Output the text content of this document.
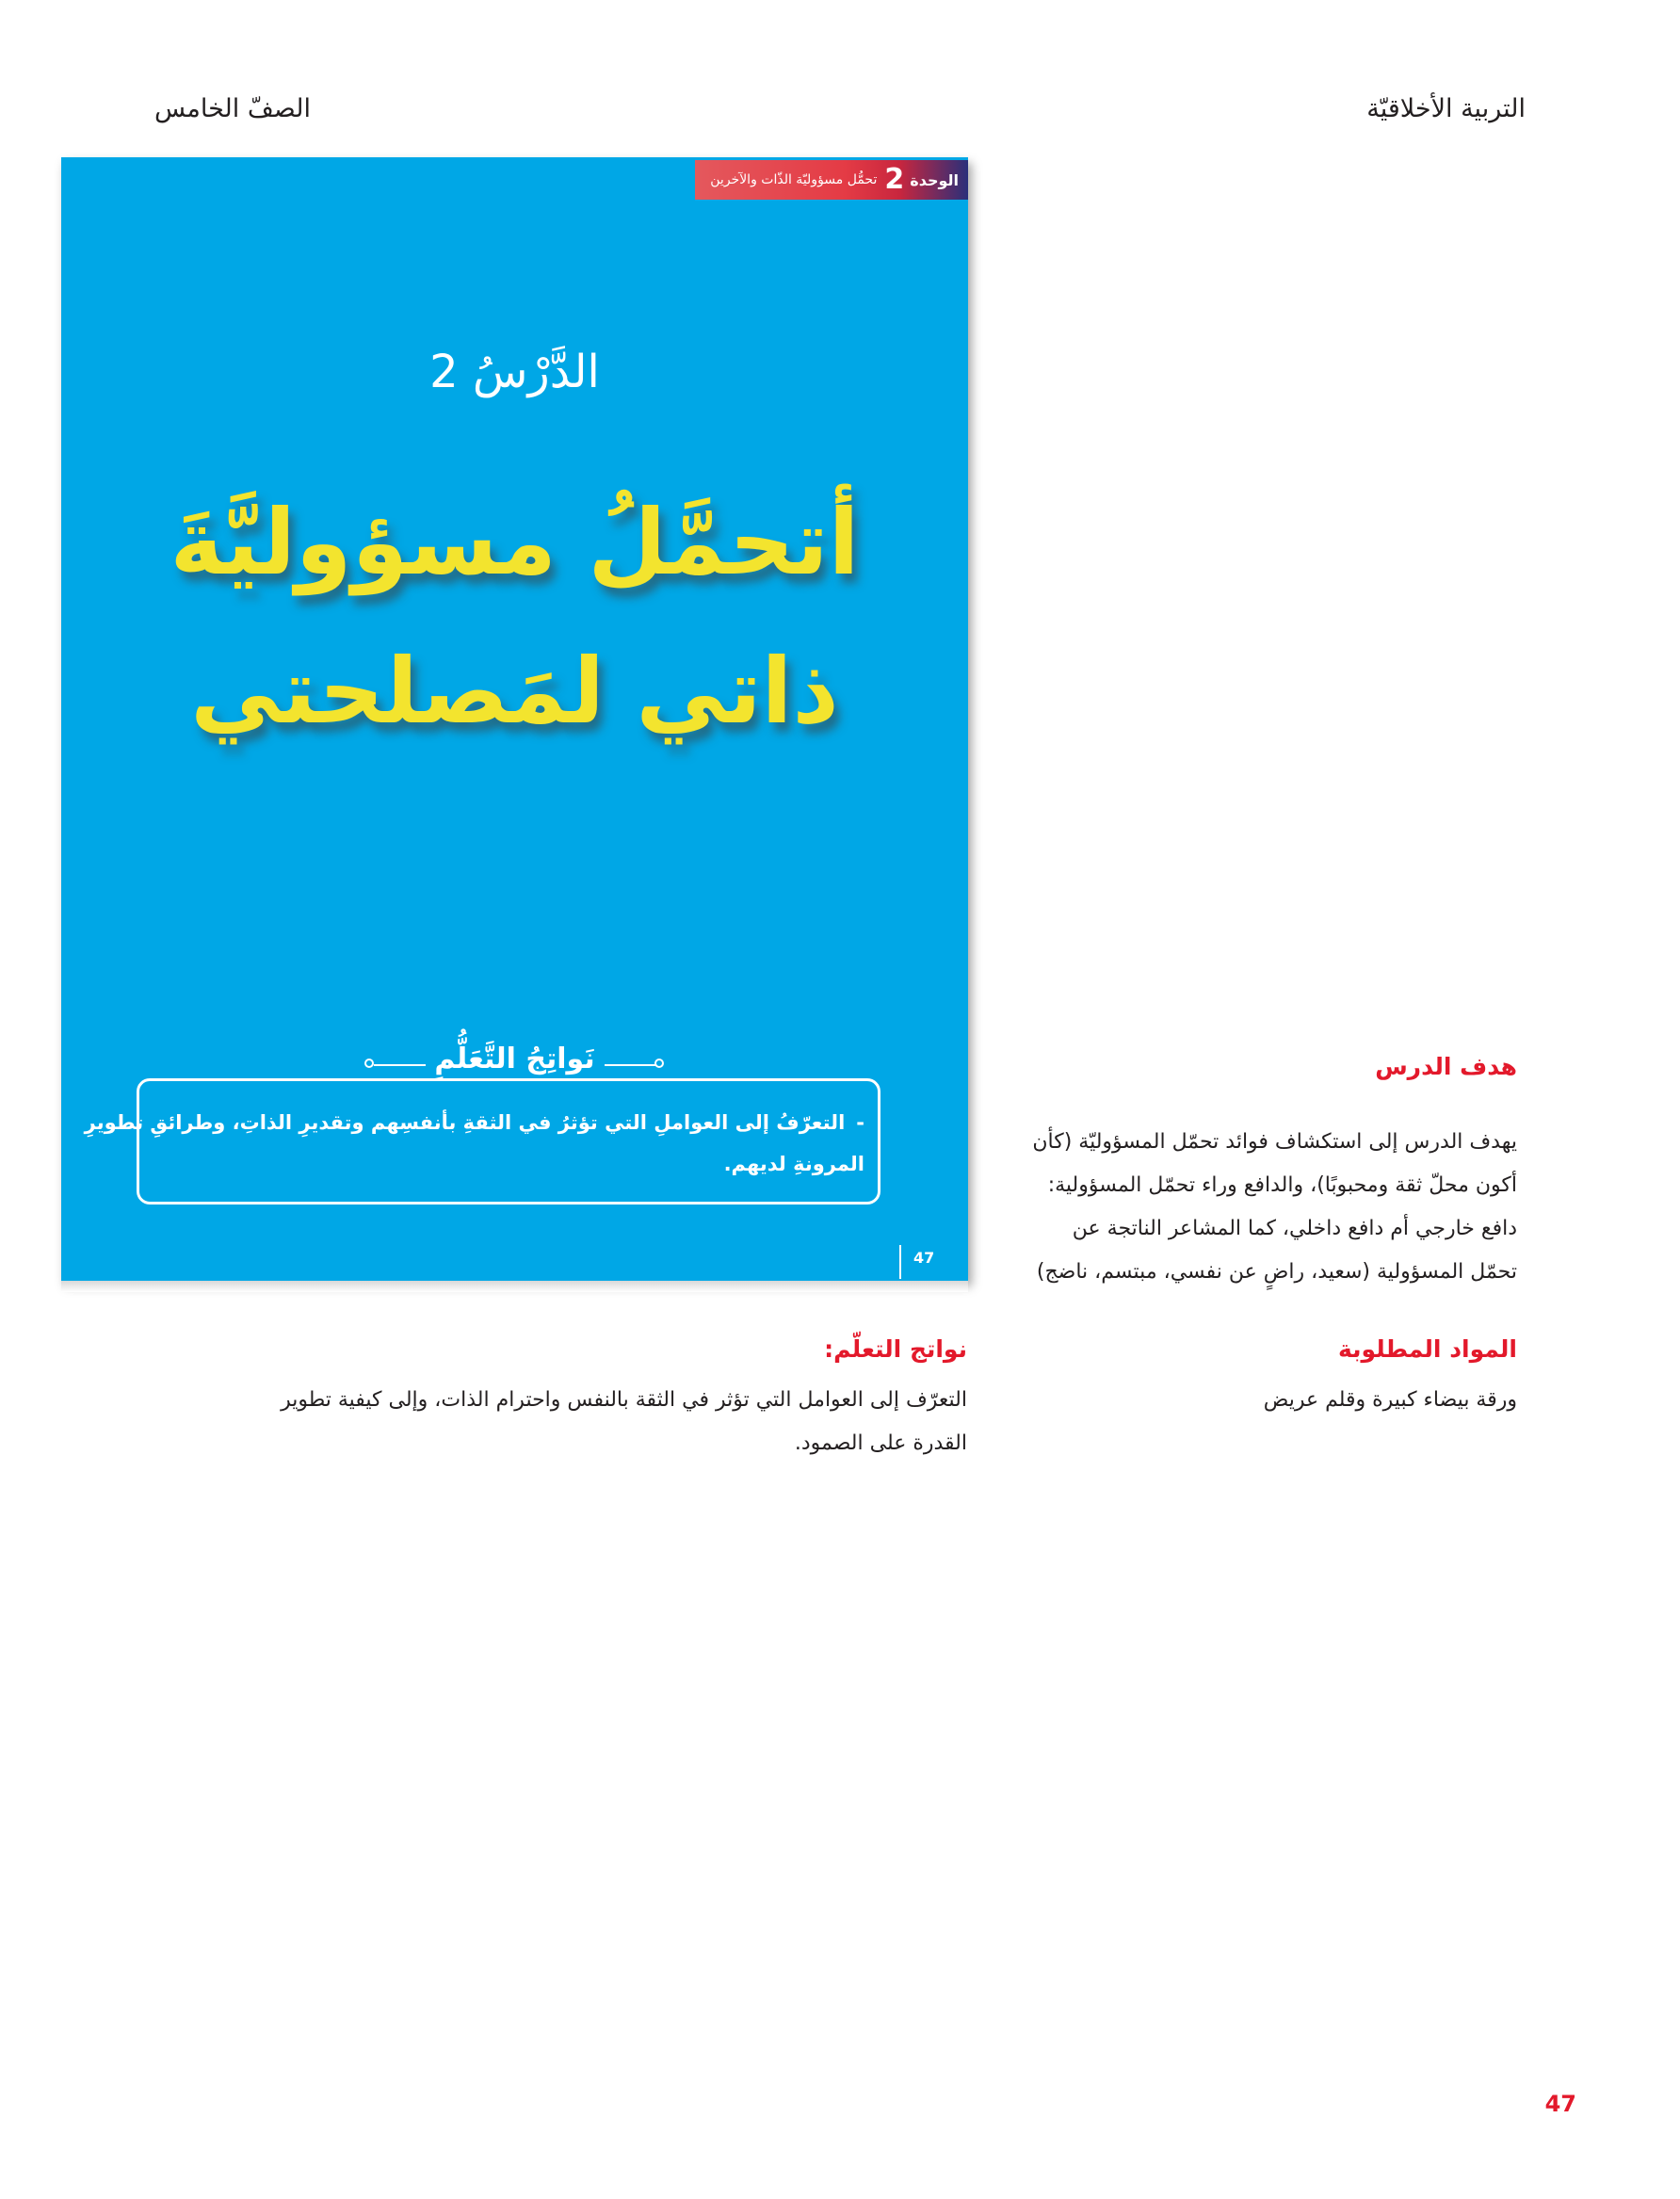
التربية الأخلاقيّة
الصفّ الخامس
الوحدة
2
تحمُّل مسؤوليّة الذّات والآخرين
الدَّرْسُ 2
أتحمَّلُ مسؤوليَّةَ
ذاتي لمَصلحتي
نَواتِجُ التَّعَلُّمِ
-التعرّفُ إلى العواملِ التي تؤثرُ في الثقةِ بأنفسِهم وتقديرِ الذاتِ، وطرائقِ تطويرِ المرونةِ لديهم.
47
هدف الدرس
يهدف الدرس إلى استكشاف فوائد تحمّل المسؤوليّة (كأن أكون محلّ ثقة ومحبوبًا)، والدافع وراء تحمّل المسؤولية: دافع خارجي أم دافع داخلي، كما المشاعر الناتجة عن تحمّل المسؤولية (سعيد، راضٍ عن نفسي، مبتسم، ناضج)
المواد المطلوبة
ورقة بيضاء كبيرة وقلم عريض
نواتج التعلّم:
التعرّف إلى العوامل التي تؤثر في الثقة بالنفس واحترام الذات، وإلى كيفية تطوير القدرة على الصمود.
47
